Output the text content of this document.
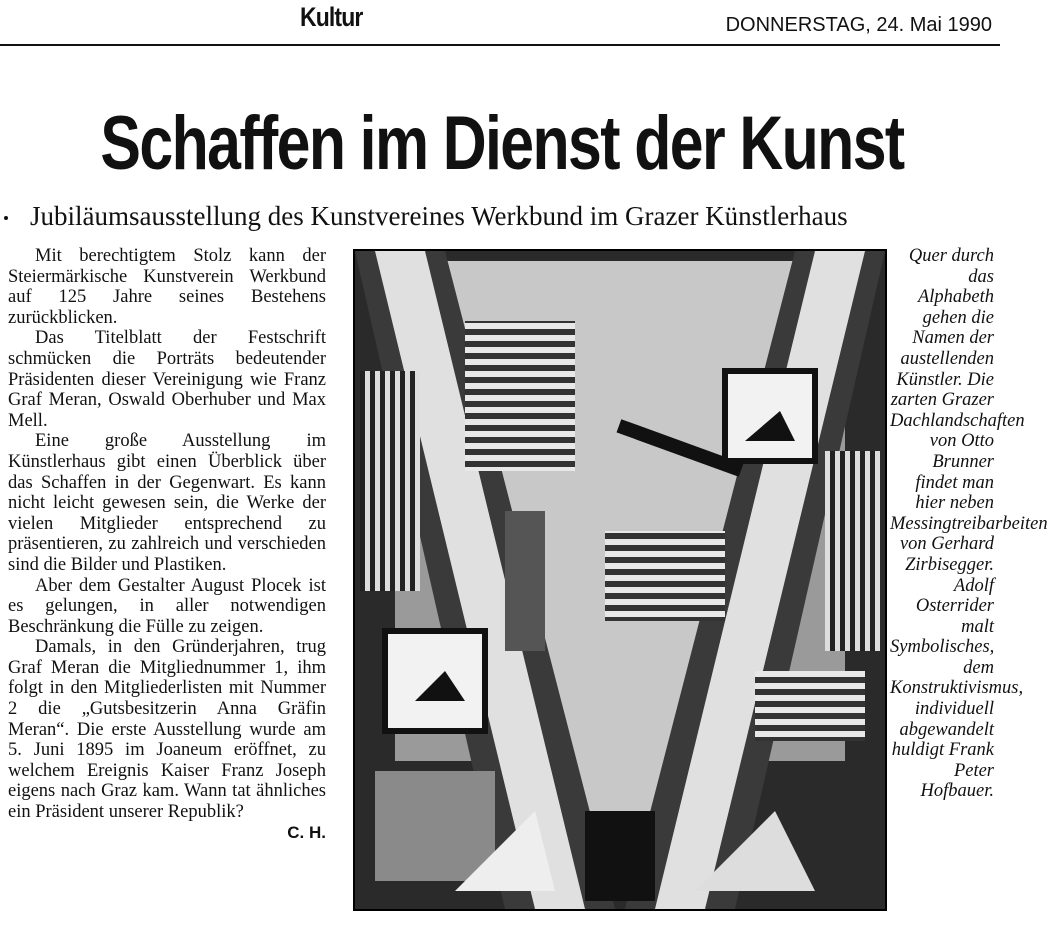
Kultur	DONNERSTAG, 24. Mai 1990
Schaffen im Dienst der Kunst
Jubiläumsausstellung des Kunstvereines Werkbund im Grazer Künstlerhaus

Mit berechtigtem Stolz kann der Steiermärkische Kunstverein Werkbund auf 125 Jahre seines Bestehens zurückblicken.

Das Titelblatt der Festschrift schmücken die Porträts bedeutender Präsidenten dieser Vereinigung wie Franz Graf Meran, Oswald Oberhuber und Max Mell.

Eine große Ausstellung im Künstlerhaus gibt einen Überblick über das Schaffen in der Gegenwart. Es kann nicht leicht gewesen sein, die Werke der vielen Mitglieder entsprechend zu präsentieren, zu zahlreich und verschieden sind die Bilder und Plastiken.

Aber dem Gestalter August Plocek ist es gelungen, in aller notwendigen Beschränkung die Fülle zu zeigen.

Damals, in den Gründerjahren, trug Graf Meran die Mitgliednummer 1, ihm folgt in den Mitgliederlisten mit Nummer 2 die „Gutsbesitzerin Anna Gräfin Meran“. Die erste Ausstellung wurde am 5. Juni 1895 im Joaneum eröffnet, zu welchem Ereignis Kaiser Franz Joseph eigens nach Graz kam. Wann tat ähnliches ein Präsident unserer Republik?

C. H.

Quer durch das Alphabeth gehen die Namen der austellenden Künstler. Die zarten Grazer Dachlandschaften von Otto Brunner findet man hier neben Messingtreibarbeiten von Gerhard Zirbisegger. Adolf Osterrider malt Symbolisches, dem Konstruktivismus, individuell abgewandelt huldigt Frank Peter Hofbauer.
